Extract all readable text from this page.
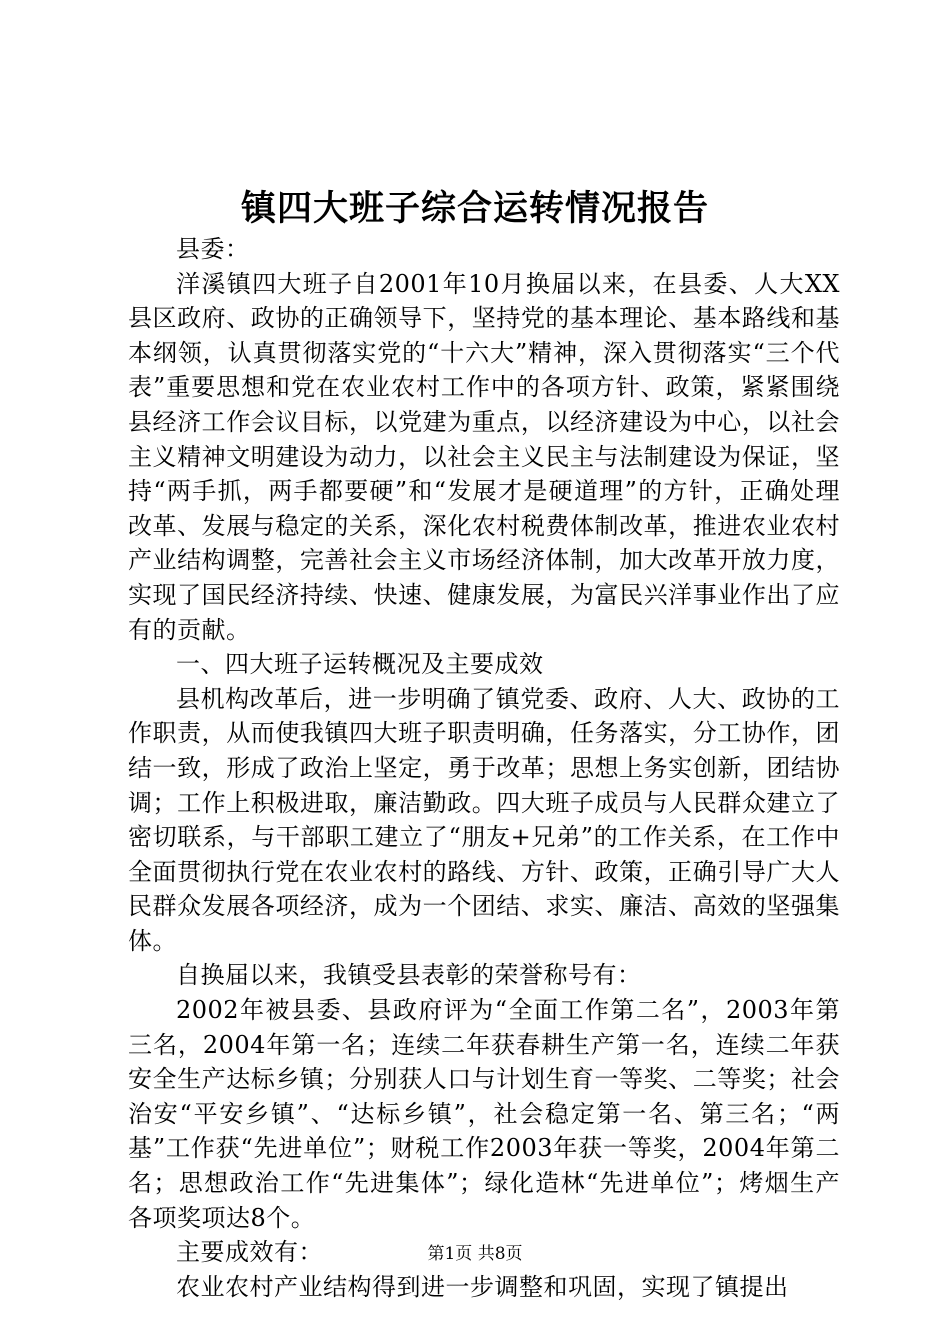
镇四大班子综合运转情况报告

县委：

洋溪镇四大班子自2001年10月换届以来，在县委、人大XX县区政府、政协的正确领导下，坚持党的基本理论、基本路线和基本纲领，认真贯彻落实党的“十六大”精神，深入贯彻落实“三个代表”重要思想和党在农业农村工作中的各项方针、政策，紧紧围绕县经济工作会议目标，以党建为重点，以经济建设为中心，以社会主义精神文明建设为动力，以社会主义民主与法制建设为保证，坚持“两手抓，两手都要硬”和“发展才是硬道理”的方针，正确处理改革、发展与稳定的关系，深化农村税费体制改革，推进农业农村产业结构调整，完善社会主义市场经济体制，加大改革开放力度，实现了国民经济持续、快速、健康发展，为富民兴洋事业作出了应有的贡献。

一、四大班子运转概况及主要成效

县机构改革后，进一步明确了镇党委、政府、人大、政协的工作职责，从而使我镇四大班子职责明确，任务落实，分工协作，团结一致，形成了政治上坚定，勇于改革；思想上务实创新，团结协调；工作上积极进取，廉洁勤政。四大班子成员与人民群众建立了密切联系，与干部职工建立了“朋友+兄弟”的工作关系，在工作中全面贯彻执行党在农业农村的路线、方针、政策，正确引导广大人民群众发展各项经济，成为一个团结、求实、廉洁、高效的坚强集体。

自换届以来，我镇受县表彰的荣誉称号有：

2002年被县委、县政府评为“全面工作第二名”，2003年第三名，2004年第一名；连续二年获春耕生产第一名，连续二年获安全生产达标乡镇；分别获人口与计划生育一等奖、二等奖；社会治安“平安乡镇”、“达标乡镇”，社会稳定第一名、第三名；“两基”工作获“先进单位”；财税工作2003年获一等奖，2004年第二名；思想政治工作“先进集体”；绿化造林“先进单位”；烤烟生产各项奖项达8个。

主要成效有：

农业农村产业结构得到进一步调整和巩固，实现了镇提出

第1页 共8页
